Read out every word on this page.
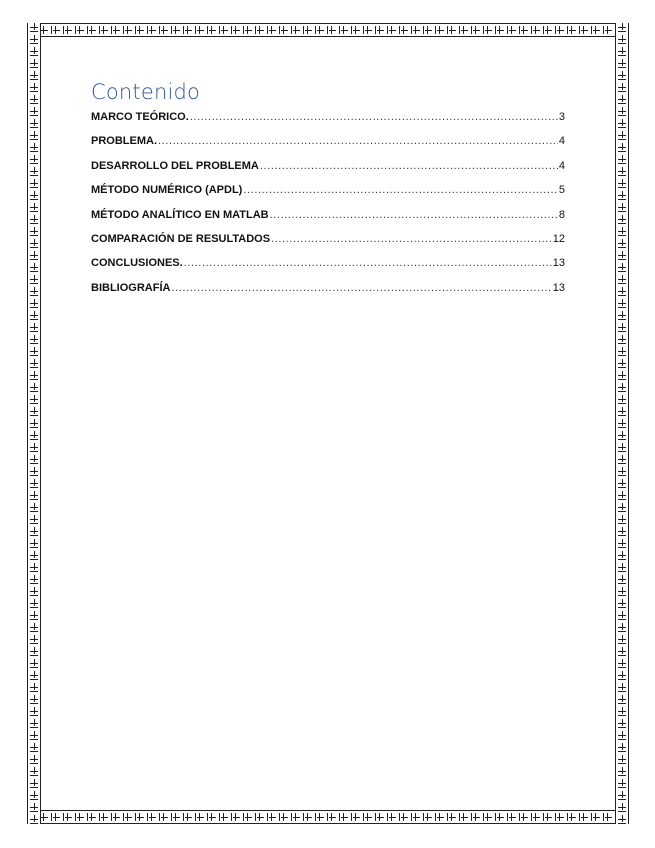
Contenido
MARCO TEÓRICO. .....	3
PROBLEMA. .....	4
DESARROLLO DEL PROBLEMA .....	4
MÉTODO NUMÉRICO (APDL) .....	5
MÉTODO ANALÍTICO EN MATLAB .....	8
COMPARACIÓN DE RESULTADOS .....	12
CONCLUSIONES. .....	13
BIBLIOGRAFÍA .....	13
